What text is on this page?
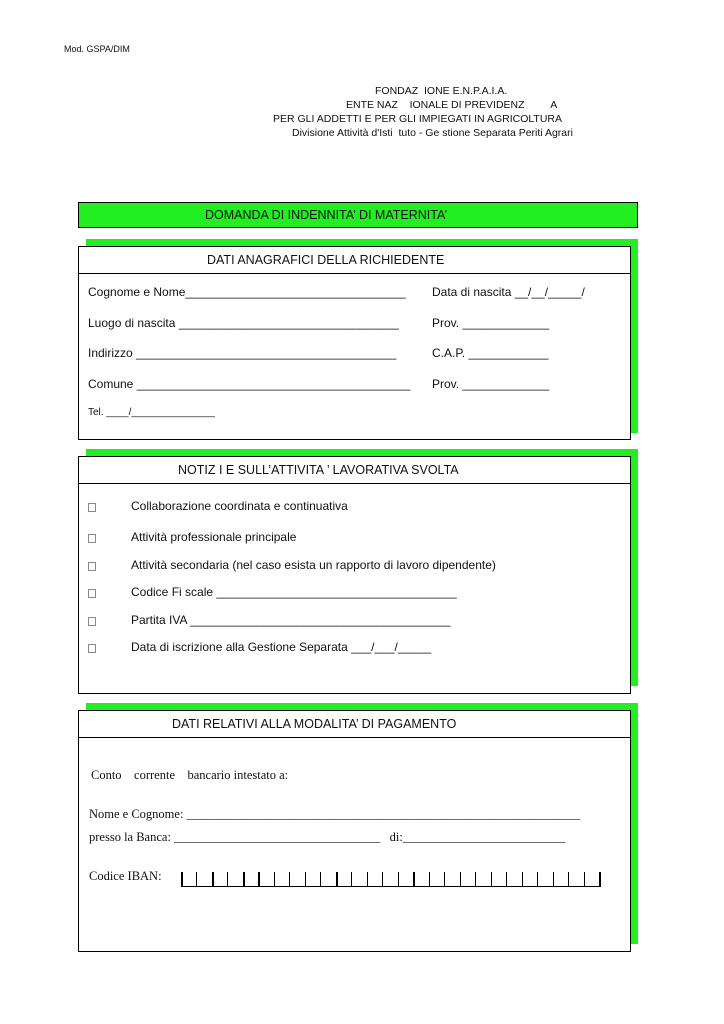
Mod. GSPA/DIM
FONDAZ  IONE E.N.P.A.I.A.
ENTE NAZ    IONALE DI PREVIDENZ         A
PER GLI ADDETTI E PER GLI IMPIEGATI IN AGRICOLTURA
Divisione Attività d'Isti  tuto - Ge stione Separata Periti Agrari
DOMANDA DI INDENNITA’ DI MATERNITA’
DATI ANAGRAFICI DELLA RICHIEDENTE
Cognome e Nome_________________________________ Data di nascita __/__/_____/
Luogo di nascita _________________________________	Prov. _____________
Indirizzo _______________________________________	C.A.P. ____________
Comune _________________________________________ Prov. _____________
Tel. ____/_______________
NOTIZ I E SULL’ATTIVITA ’ LAVORATIVA SVOLTA
Collaborazione coordinata e continuativa
Attività professionale principale
Attività secondaria (nel caso esista un rapporto di lavoro dipendente)
Codice Fi scale ____________________________________
Partita IVA _______________________________________
Data di iscrizione alla Gestione Separata ___/___/_____
DATI RELATIVI ALLA MODALITA’ DI PAGAMENTO
Conto    corrente    bancario intestato a:
Nome e Cognome: _______________________________________________________________
presso la Banca: _________________________________   di:__________________________
Codice IBAN:
